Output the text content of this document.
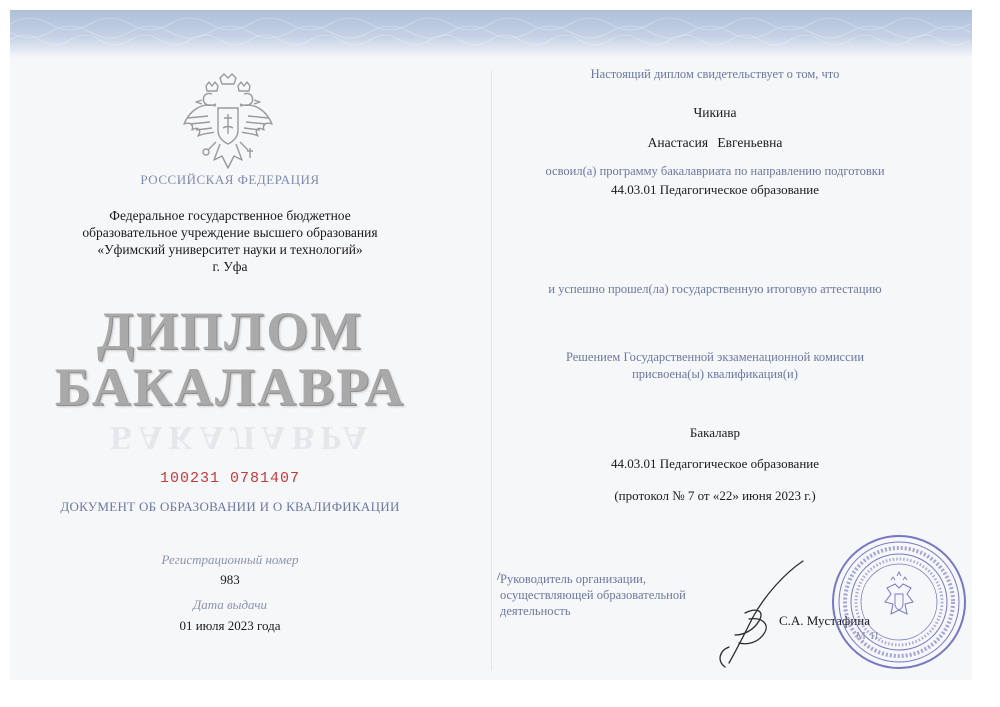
РОССИЙСКАЯ ФЕДЕРАЦИЯ
Федеральное государственное бюджетное
образовательное учреждение высшего образования
«Уфимский университет науки и технологий»
г. Уфа
ДИПЛОМ
БАКАЛАВРА
БАКАЛАВРА
100231 0781407
ДОКУМЕНТ ОБ ОБРАЗОВАНИИ И О КВАЛИФИКАЦИИ
Регистрационный номер
983
Дата выдачи
01 июля 2023 года
Настоящий диплом свидетельствует о том, что
Чикина
Анастасия Евгеньевна
освоил(а) программу бакалавриата по направлению подготовки
44.03.01 Педагогическое образование
и успешно прошел(ла) государственную итоговую аттестацию
Решением Государственной экзаменационной комиссии
присвоена(ы) квалификация(и)
Бакалавр
44.03.01 Педагогическое образование
(протокол № 7 от «22» июня 2023 г.)
/ Руководитель организации,
осуществляющей образовательной
деятельность
С.А. Мустафина
М.П.
